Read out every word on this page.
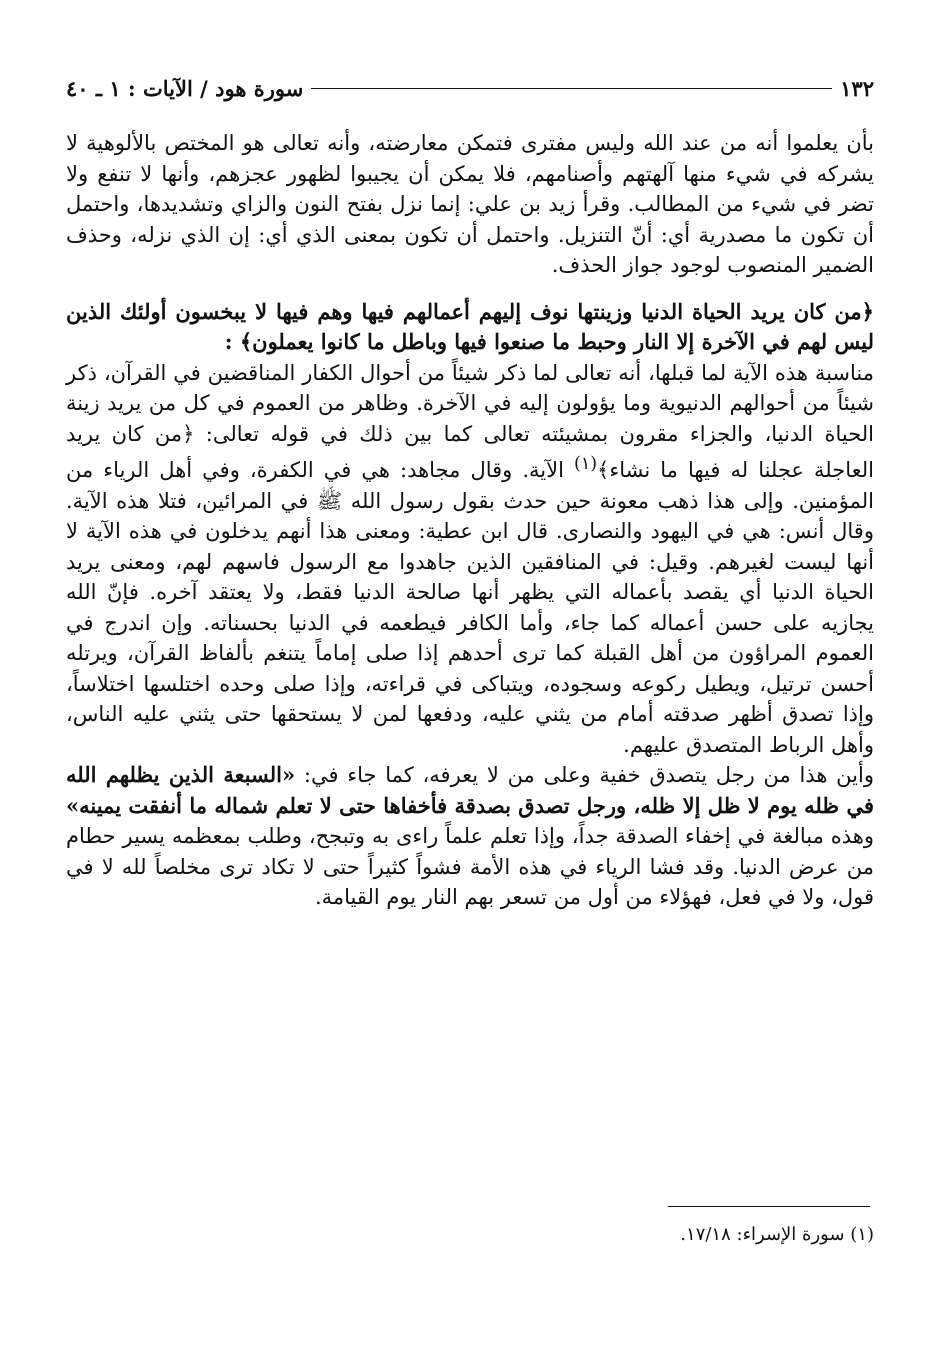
١٣٢
سورة هود / الآيات : ١ ـ ٤٠

بأن يعلموا أنه من عند الله وليس مفترى فتمكن معارضته، وأنه تعالى هو المختص بالألوهية لا يشركه في شيء منها آلهتهم وأصنامهم، فلا يمكن أن يجيبوا لظهور عجزهم، وأنها لا تنفع ولا تضر في شيء من المطالب. وقرأ زيد بن علي: إنما نزل بفتح النون والزاي وتشديدها، واحتمل أن تكون ما مصدرية أي: أنّ التنزيل. واحتمل أن تكون بمعنى الذي أي: إن الذي نزله، وحذف الضمير المنصوب لوجود جواز الحذف.

﴿من كان يريد الحياة الدنيا وزينتها نوف إليهم أعمالهم فيها وهم فيها لا يبخسون أولئك الذين ليس لهم في الآخرة إلا النار وحبط ما صنعوا فيها وباطل ما كانوا يعملون﴾ :

مناسبة هذه الآية لما قبلها، أنه تعالى لما ذكر شيئاً من أحوال الكفار المناقضين في القرآن، ذكر شيئاً من أحوالهم الدنيوية وما يؤولون إليه في الآخرة. وظاهر من العموم في كل من يريد زينة الحياة الدنيا، والجزاء مقرون بمشيئته تعالى كما بين ذلك في قوله تعالى: ﴿من كان يريد العاجلة عجلنا له فيها ما نشاء﴾$^{(١)}$ الآية. وقال مجاهد: هي في الكفرة، وفي أهل الرياء من المؤمنين. وإلى هذا ذهب معونة حين حدث بقول رسول الله ﷺ في المرائين، فتلا هذه الآية. وقال أنس: هي في اليهود والنصارى. قال ابن عطية: ومعنى هذا أنهم يدخلون في هذه الآية لا أنها ليست لغيرهم. وقيل: في المنافقين الذين جاهدوا مع الرسول فاسهم لهم، ومعنى يريد الحياة الدنيا أي يقصد بأعماله التي يظهر أنها صالحة الدنيا فقط، ولا يعتقد آخره. فإنّ الله يجازيه على حسن أعماله كما جاء، وأما الكافر فيطعمه في الدنيا بحسناته. وإن اندرج في العموم المراؤون من أهل القبلة كما ترى أحدهم إذا صلى إماماً يتنغم بألفاظ القرآن، ويرتله أحسن ترتيل، ويطيل ركوعه وسجوده، ويتباكى في قراءته، وإذا صلى وحده اختلسها اختلاساً، وإذا تصدق أظهر صدقته أمام من يثني عليه، ودفعها لمن لا يستحقها حتى يثني عليه الناس، وأهل الرباط المتصدق عليهم.

وأين هذا من رجل يتصدق خفية وعلى من لا يعرفه، كما جاء في: «السبعة الذين يظلهم الله في ظله يوم لا ظل إلا ظله، ورجل تصدق بصدقة فأخفاها حتى لا تعلم شماله ما أنفقت يمينه» وهذه مبالغة في إخفاء الصدقة جداً، وإذا تعلم علماً راءى به وتبجح، وطلب بمعظمه يسير حطام من عرض الدنيا. وقد فشا الرياء في هذه الأمة فشواً كثيراً حتى لا تكاد ترى مخلصاً لله لا في قول، ولا في فعل، فهؤلاء من أول من تسعر بهم النار يوم القيامة.

(١) سورة الإسراء: ١٧/١٨.
